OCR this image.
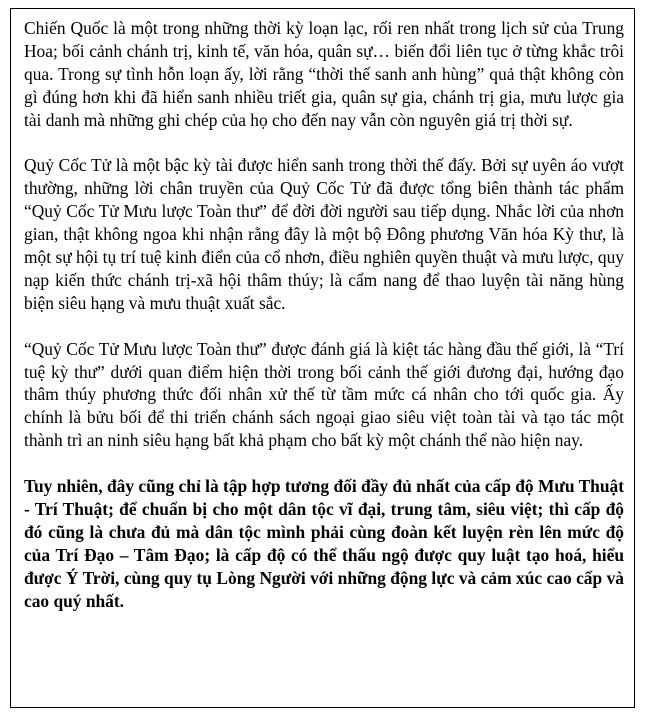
Chiến Quốc là một trong những thời kỳ loạn lạc, rối ren nhất trong lịch sử của Trung Hoa; bối cảnh chánh trị, kinh tế, văn hóa, quân sự… biến đổi liên tục ở từng khắc trôi qua. Trong sự tình hỗn loạn ấy, lời rằng “thời thế sanh anh hùng” quả thật không còn gì đúng hơn khi đã hiển sanh nhiều triết gia, quân sự gia, chánh trị gia, mưu lược gia tài danh mà những ghi chép của họ cho đến nay vẫn còn nguyên giá trị thời sự.

Quỷ Cốc Tử là một bậc kỳ tài được hiển sanh trong thời thế đấy. Bởi sự uyên áo vượt thường, những lời chân truyền của Quỷ Cốc Tử đã được tổng biên thành tác phẩm “Quỷ Cốc Tử Mưu lược Toàn thư” để đời đời người sau tiếp dụng. Nhắc lời của nhơn gian, thật không ngoa khi nhận rằng đây là một bộ Đông phương Văn hóa Kỳ thư, là một sự hội tụ trí tuệ kinh điển của cổ nhơn, điều nghiên quyền thuật và mưu lược, quy nạp kiến thức chánh trị-xã hội thâm thúy; là cẩm nang để thao luyện tài năng hùng biện siêu hạng và mưu thuật xuất sắc.

“Quỷ Cốc Tử Mưu lược Toàn thư” được đánh giá là kiệt tác hàng đầu thế giới, là “Trí tuệ kỳ thư” dưới quan điểm hiện thời trong bối cảnh thế giới đương đại, hướng đạo thâm thúy phương thức đối nhân xử thế từ tầm mức cá nhân cho tới quốc gia. Ấy chính là bửu bối để thi triển chánh sách ngoại giao siêu việt toàn tài và tạo tác một thành trì an ninh siêu hạng bất khả phạm cho bất kỳ một chánh thể nào hiện nay.

Tuy nhiên, đây cũng chỉ là tập hợp tương đối đầy đủ nhất của cấp độ Mưu Thuật - Trí Thuật; để chuẩn bị cho một dân tộc vĩ đại, trung tâm, siêu việt; thì cấp độ đó cũng là chưa đủ mà dân tộc mình phải cùng đoàn kết luyện rèn lên mức độ của Trí Đạo – Tâm Đạo; là cấp độ có thể thấu ngộ được quy luật tạo hoá, hiểu được Ý Trời, cùng quy tụ Lòng Người với những động lực và cảm xúc cao cấp và cao quý nhất.
